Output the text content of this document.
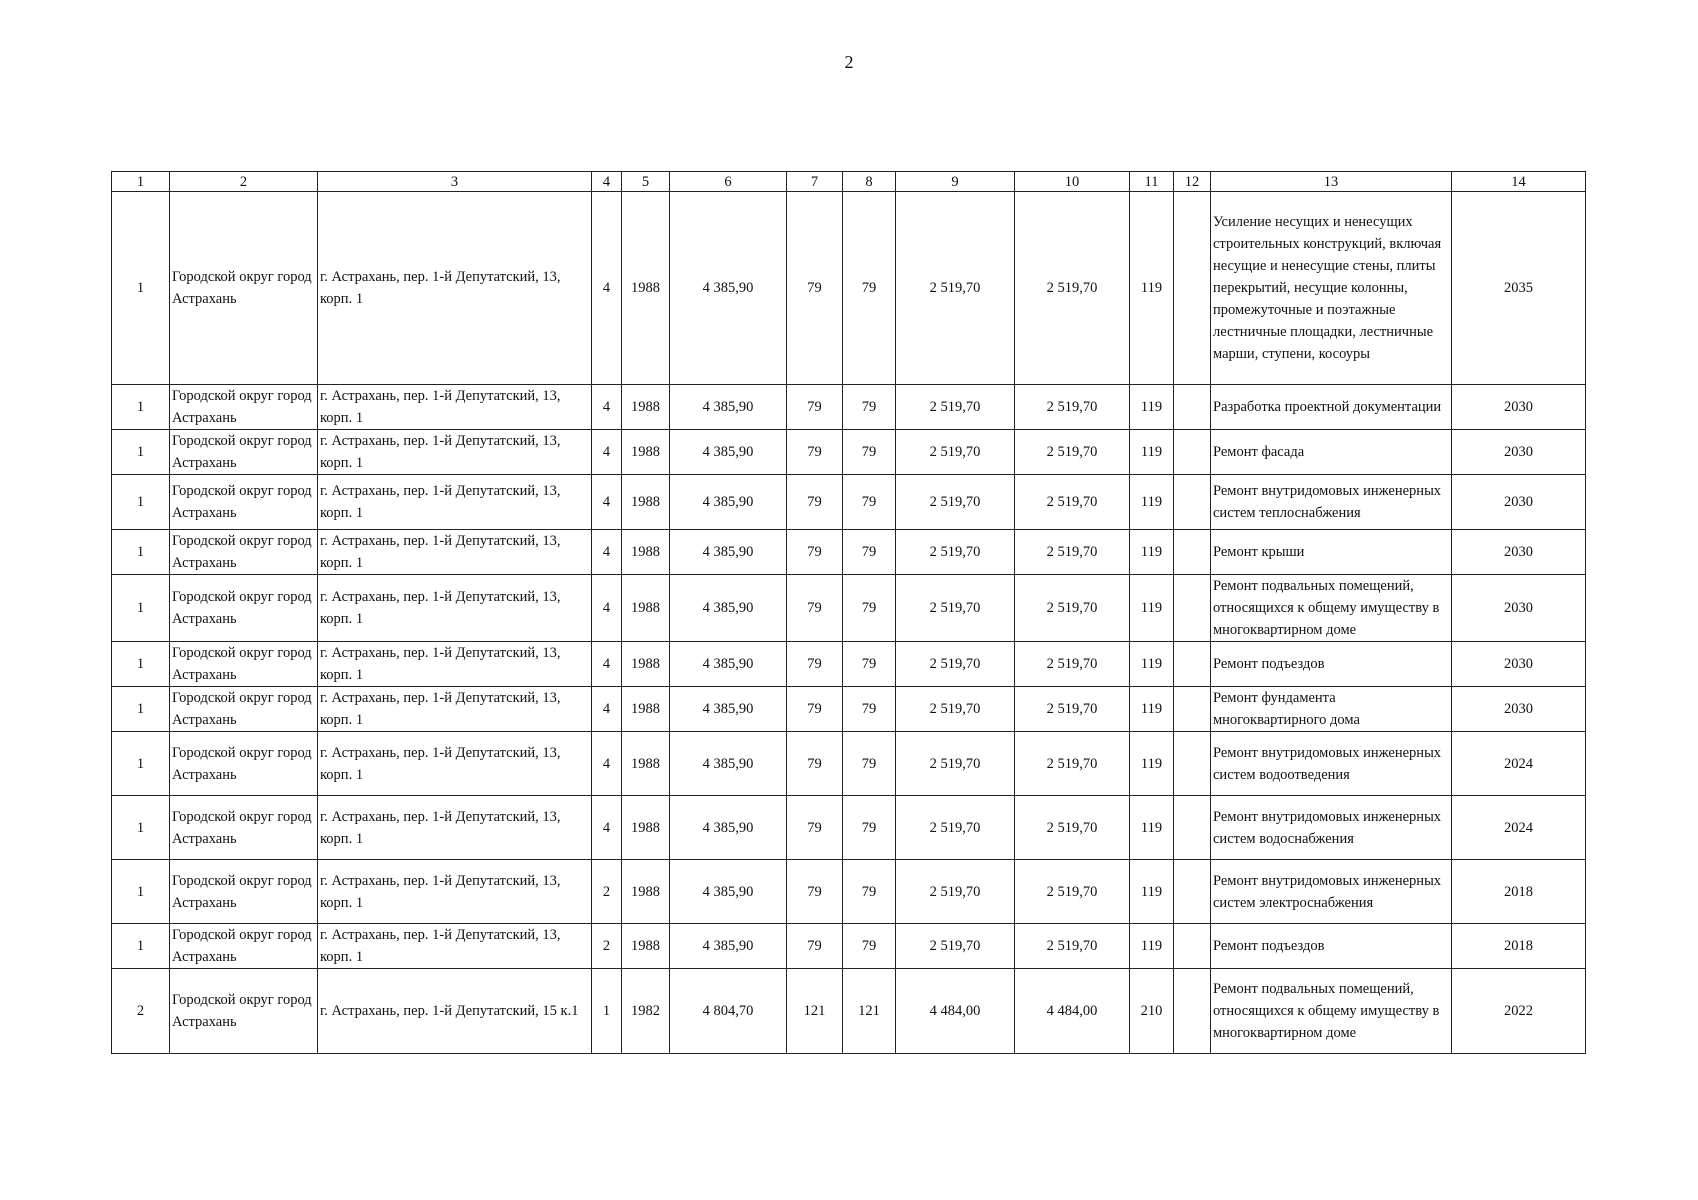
2
1	2	3	4	5	6	7	8	9	10	11	12	13	14
1	Городской округ город Астрахань	г. Астрахань, пер. 1-й Депутатский, 13, корп. 1	4	1988	4 385,90	79	79	2 519,70	2 519,70	119		Усиление несущих и ненесущих строительных конструкций, включая несущие и ненесущие стены, плиты перекрытий, несущие колонны, промежуточные и поэтажные лестничные площадки, лестничные марши, ступени, косоуры	2035
1	Городской округ город Астрахань	г. Астрахань, пер. 1-й Депутатский, 13, корп. 1	4	1988	4 385,90	79	79	2 519,70	2 519,70	119		Разработка проектной документации	2030
1	Городской округ город Астрахань	г. Астрахань, пер. 1-й Депутатский, 13, корп. 1	4	1988	4 385,90	79	79	2 519,70	2 519,70	119		Ремонт фасада	2030
1	Городской округ город Астрахань	г. Астрахань, пер. 1-й Депутатский, 13, корп. 1	4	1988	4 385,90	79	79	2 519,70	2 519,70	119		Ремонт внутридомовых инженерных систем теплоснабжения	2030
1	Городской округ город Астрахань	г. Астрахань, пер. 1-й Депутатский, 13, корп. 1	4	1988	4 385,90	79	79	2 519,70	2 519,70	119		Ремонт крыши	2030
1	Городской округ город Астрахань	г. Астрахань, пер. 1-й Депутатский, 13, корп. 1	4	1988	4 385,90	79	79	2 519,70	2 519,70	119		Ремонт подвальных помещений, относящихся к общему имуществу в многоквартирном доме	2030
1	Городской округ город Астрахань	г. Астрахань, пер. 1-й Депутатский, 13, корп. 1	4	1988	4 385,90	79	79	2 519,70	2 519,70	119		Ремонт подъездов	2030
1	Городской округ город Астрахань	г. Астрахань, пер. 1-й Депутатский, 13, корп. 1	4	1988	4 385,90	79	79	2 519,70	2 519,70	119		Ремонт фундамента многоквартирного дома	2030
1	Городской округ город Астрахань	г. Астрахань, пер. 1-й Депутатский, 13, корп. 1	4	1988	4 385,90	79	79	2 519,70	2 519,70	119		Ремонт внутридомовых инженерных систем водоотведения	2024
1	Городской округ город Астрахань	г. Астрахань, пер. 1-й Депутатский, 13, корп. 1	4	1988	4 385,90	79	79	2 519,70	2 519,70	119		Ремонт внутридомовых инженерных систем водоснабжения	2024
1	Городской округ город Астрахань	г. Астрахань, пер. 1-й Депутатский, 13, корп. 1	2	1988	4 385,90	79	79	2 519,70	2 519,70	119		Ремонт внутридомовых инженерных систем электроснабжения	2018
1	Городской округ город Астрахань	г. Астрахань, пер. 1-й Депутатский, 13, корп. 1	2	1988	4 385,90	79	79	2 519,70	2 519,70	119		Ремонт подъездов	2018
2	Городской округ город Астрахань	г. Астрахань, пер. 1-й Депутатский, 15 к.1	1	1982	4 804,70	121	121	4 484,00	4 484,00	210		Ремонт подвальных помещений, относящихся к общему имуществу в многоквартирном доме	2022
